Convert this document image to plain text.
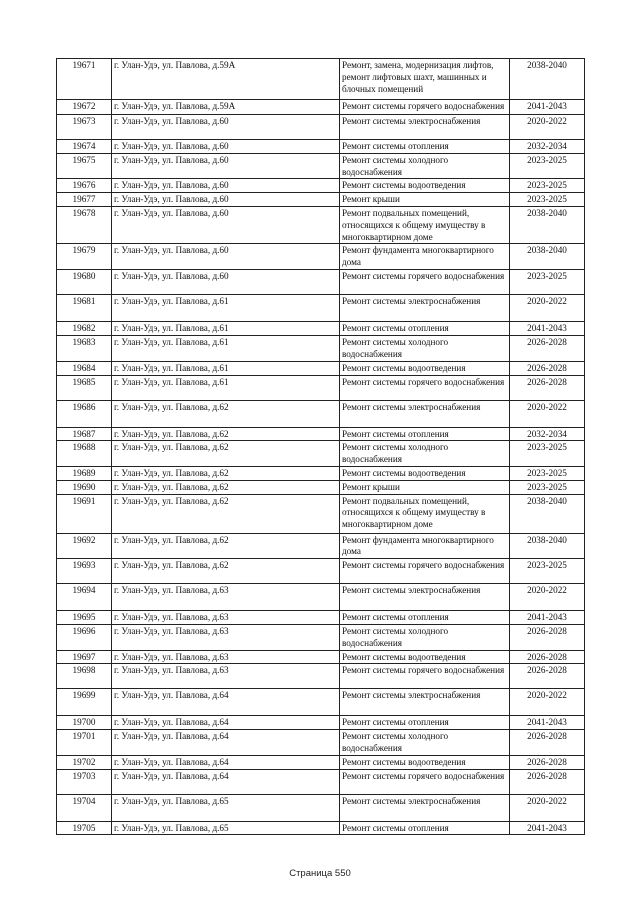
19671	г. Улан-Удэ, ул. Павлова, д.59А	Ремонт, замена, модернизация лифтов, ремонт лифтовых шахт, машинных и блочных помещений	2038-2040
19672	г. Улан-Удэ, ул. Павлова, д.59А	Ремонт системы горячего водоснабжения	2041-2043
19673	г. Улан-Удэ, ул. Павлова, д.60	Ремонт системы электроснабжения	2020-2022
19674	г. Улан-Удэ, ул. Павлова, д.60	Ремонт системы отопления	2032-2034
19675	г. Улан-Удэ, ул. Павлова, д.60	Ремонт системы холодного водоснабжения	2023-2025
19676	г. Улан-Удэ, ул. Павлова, д.60	Ремонт системы водоотведения	2023-2025
19677	г. Улан-Удэ, ул. Павлова, д.60	Ремонт крыши	2023-2025
19678	г. Улан-Удэ, ул. Павлова, д.60	Ремонт подвальных помещений, относящихся к общему имуществу в многоквартирном доме	2038-2040
19679	г. Улан-Удэ, ул. Павлова, д.60	Ремонт фундамента многоквартирного дома	2038-2040
19680	г. Улан-Удэ, ул. Павлова, д.60	Ремонт системы горячего водоснабжения	2023-2025
19681	г. Улан-Удэ, ул. Павлова, д.61	Ремонт системы электроснабжения	2020-2022
19682	г. Улан-Удэ, ул. Павлова, д.61	Ремонт системы отопления	2041-2043
19683	г. Улан-Удэ, ул. Павлова, д.61	Ремонт системы холодного водоснабжения	2026-2028
19684	г. Улан-Удэ, ул. Павлова, д.61	Ремонт системы водоотведения	2026-2028
19685	г. Улан-Удэ, ул. Павлова, д.61	Ремонт системы горячего водоснабжения	2026-2028
19686	г. Улан-Удэ, ул. Павлова, д.62	Ремонт системы электроснабжения	2020-2022
19687	г. Улан-Удэ, ул. Павлова, д.62	Ремонт системы отопления	2032-2034
19688	г. Улан-Удэ, ул. Павлова, д.62	Ремонт системы холодного водоснабжения	2023-2025
19689	г. Улан-Удэ, ул. Павлова, д.62	Ремонт системы водоотведения	2023-2025
19690	г. Улан-Удэ, ул. Павлова, д.62	Ремонт крыши	2023-2025
19691	г. Улан-Удэ, ул. Павлова, д.62	Ремонт подвальных помещений, относящихся к общему имуществу в многоквартирном доме	2038-2040
19692	г. Улан-Удэ, ул. Павлова, д.62	Ремонт фундамента многоквартирного дома	2038-2040
19693	г. Улан-Удэ, ул. Павлова, д.62	Ремонт системы горячего водоснабжения	2023-2025
19694	г. Улан-Удэ, ул. Павлова, д.63	Ремонт системы электроснабжения	2020-2022
19695	г. Улан-Удэ, ул. Павлова, д.63	Ремонт системы отопления	2041-2043
19696	г. Улан-Удэ, ул. Павлова, д.63	Ремонт системы холодного водоснабжения	2026-2028
19697	г. Улан-Удэ, ул. Павлова, д.63	Ремонт системы водоотведения	2026-2028
19698	г. Улан-Удэ, ул. Павлова, д.63	Ремонт системы горячего водоснабжения	2026-2028
19699	г. Улан-Удэ, ул. Павлова, д.64	Ремонт системы электроснабжения	2020-2022
19700	г. Улан-Удэ, ул. Павлова, д.64	Ремонт системы отопления	2041-2043
19701	г. Улан-Удэ, ул. Павлова, д.64	Ремонт системы холодного водоснабжения	2026-2028
19702	г. Улан-Удэ, ул. Павлова, д.64	Ремонт системы водоотведения	2026-2028
19703	г. Улан-Удэ, ул. Павлова, д.64	Ремонт системы горячего водоснабжения	2026-2028
19704	г. Улан-Удэ, ул. Павлова, д.65	Ремонт системы электроснабжения	2020-2022
19705	г. Улан-Удэ, ул. Павлова, д.65	Ремонт системы отопления	2041-2043
Страница 550
